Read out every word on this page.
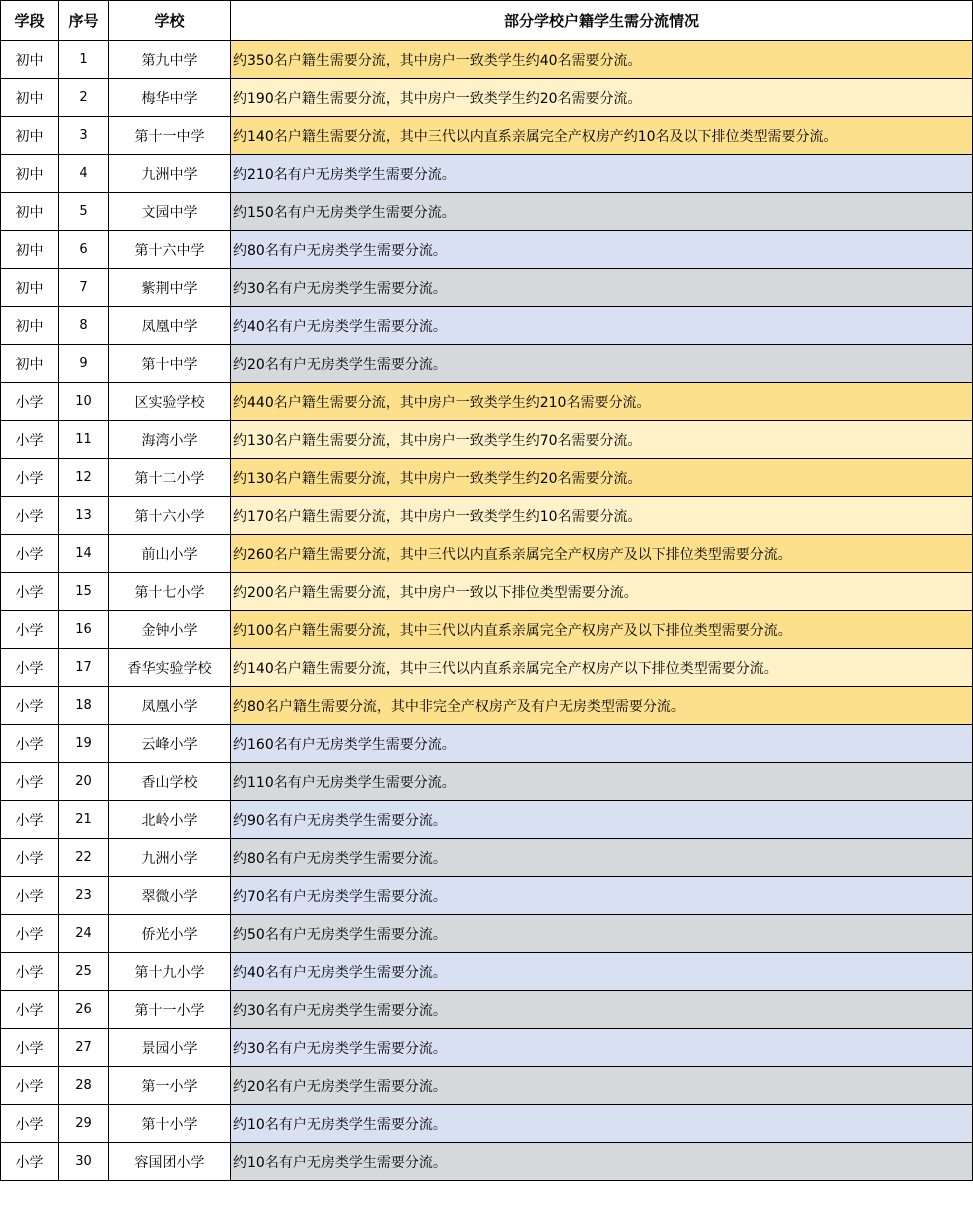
学段	序号	学校	部分学校户籍学生需分流情况
初中	1	第九中学	约350名户籍生需要分流，其中房户一致类学生约40名需要分流。
初中	2	梅华中学	约190名户籍生需要分流，其中房户一致类学生约20名需要分流。
初中	3	第十一中学	约140名户籍生需要分流，其中三代以内直系亲属完全产权房产约10名及以下排位类型需要分流。
初中	4	九洲中学	约210名有户无房类学生需要分流。
初中	5	文园中学	约150名有户无房类学生需要分流。
初中	6	第十六中学	约80名有户无房类学生需要分流。
初中	7	紫荆中学	约30名有户无房类学生需要分流。
初中	8	凤凰中学	约40名有户无房类学生需要分流。
初中	9	第十中学	约20名有户无房类学生需要分流。
小学	10	区实验学校	约440名户籍生需要分流，其中房户一致类学生约210名需要分流。
小学	11	海湾小学	约130名户籍生需要分流，其中房户一致类学生约70名需要分流。
小学	12	第十二小学	约130名户籍生需要分流，其中房户一致类学生约20名需要分流。
小学	13	第十六小学	约170名户籍生需要分流，其中房户一致类学生约10名需要分流。
小学	14	前山小学	约260名户籍生需要分流，其中三代以内直系亲属完全产权房产及以下排位类型需要分流。
小学	15	第十七小学	约200名户籍生需要分流，其中房户一致以下排位类型需要分流。
小学	16	金钟小学	约100名户籍生需要分流，其中三代以内直系亲属完全产权房产及以下排位类型需要分流。
小学	17	香华实验学校	约140名户籍生需要分流，其中三代以内直系亲属完全产权房产以下排位类型需要分流。
小学	18	凤凰小学	约80名户籍生需要分流，其中非完全产权房产及有户无房类型需要分流。
小学	19	云峰小学	约160名有户无房类学生需要分流。
小学	20	香山学校	约110名有户无房类学生需要分流。
小学	21	北岭小学	约90名有户无房类学生需要分流。
小学	22	九洲小学	约80名有户无房类学生需要分流。
小学	23	翠微小学	约70名有户无房类学生需要分流。
小学	24	侨光小学	约50名有户无房类学生需要分流。
小学	25	第十九小学	约40名有户无房类学生需要分流。
小学	26	第十一小学	约30名有户无房类学生需要分流。
小学	27	景园小学	约30名有户无房类学生需要分流。
小学	28	第一小学	约20名有户无房类学生需要分流。
小学	29	第十小学	约10名有户无房类学生需要分流。
小学	30	容国团小学	约10名有户无房类学生需要分流。
